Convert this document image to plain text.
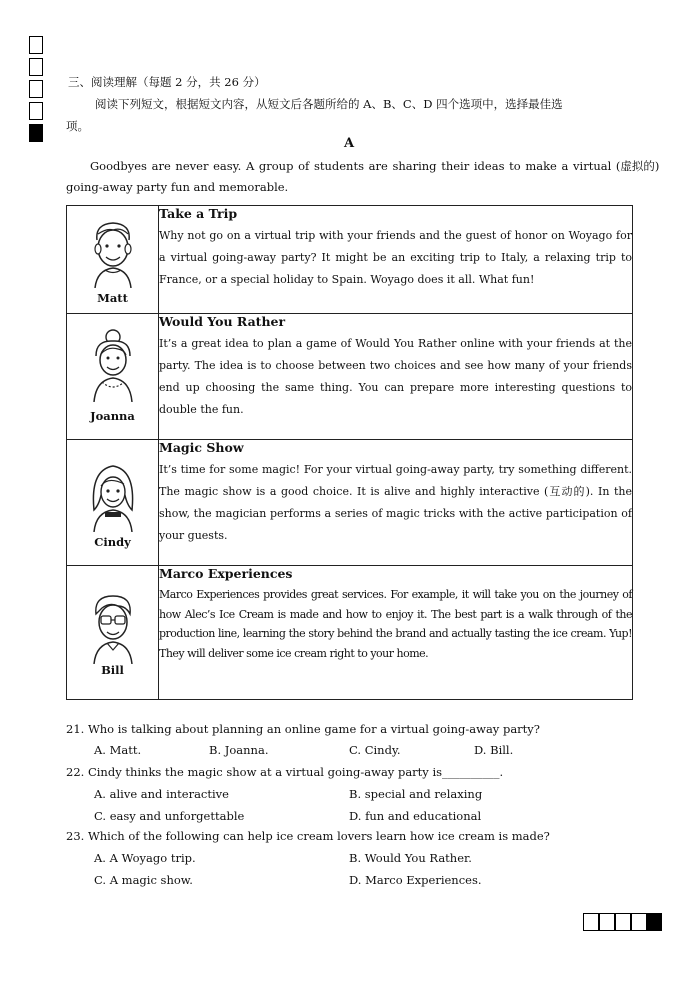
三、阅读理解（每题 2 分，共 26 分）
阅读下列短文，根据短文内容，从短文后各题所给的 A、B、C、D 四个选项中，选择最佳选
项。
A
Goodbyes are never easy. A group of students are sharing their ideas to make a virtual (虚拟的)
going-away party fun and memorable.
Matt	Take a Trip
Why not go on a virtual trip with your friends and the guest of honor on Woyago for a virtual going-away party? It might be an exciting trip to Italy, a relaxing trip to France, or a special holiday to Spain. Woyago does it all. What fun!

Joanna	Would You Rather
It’s a great idea to plan a game of Would You Rather online with your friends at the party. The idea is to choose between two choices and see how many of your friends end up choosing the same thing. You can prepare more interesting questions to double the fun.

Cindy	Magic Show
It’s time for some magic! For your virtual going-away party, try something different. The magic show is a good choice. It is alive and highly interactive (互动的). In the show, the magician performs a series of magic tricks with the active participation of your guests.

Bill	Marco Experiences
Marco Experiences provides great services. For example, it will take you on the journey of how Alec’s Ice Cream is made and how to enjoy it. The best part is a walk through of the production line, learning the story behind the brand and actually tasting the ice cream. Yup! They will deliver some ice cream right to your home.
21. Who is talking about planning an online game for a virtual going-away party?
A. Matt.	B. Joanna.	C. Cindy.	D. Bill.
22. Cindy thinks the magic show at a virtual going-away party is__________.
A. alive and interactive	B. special and relaxing
C. easy and unforgettable	D. fun and educational
23. Which of the following can help ice cream lovers learn how ice cream is made?
A. A Woyago trip.	B. Would You Rather.
C. A magic show.	D. Marco Experiences.
